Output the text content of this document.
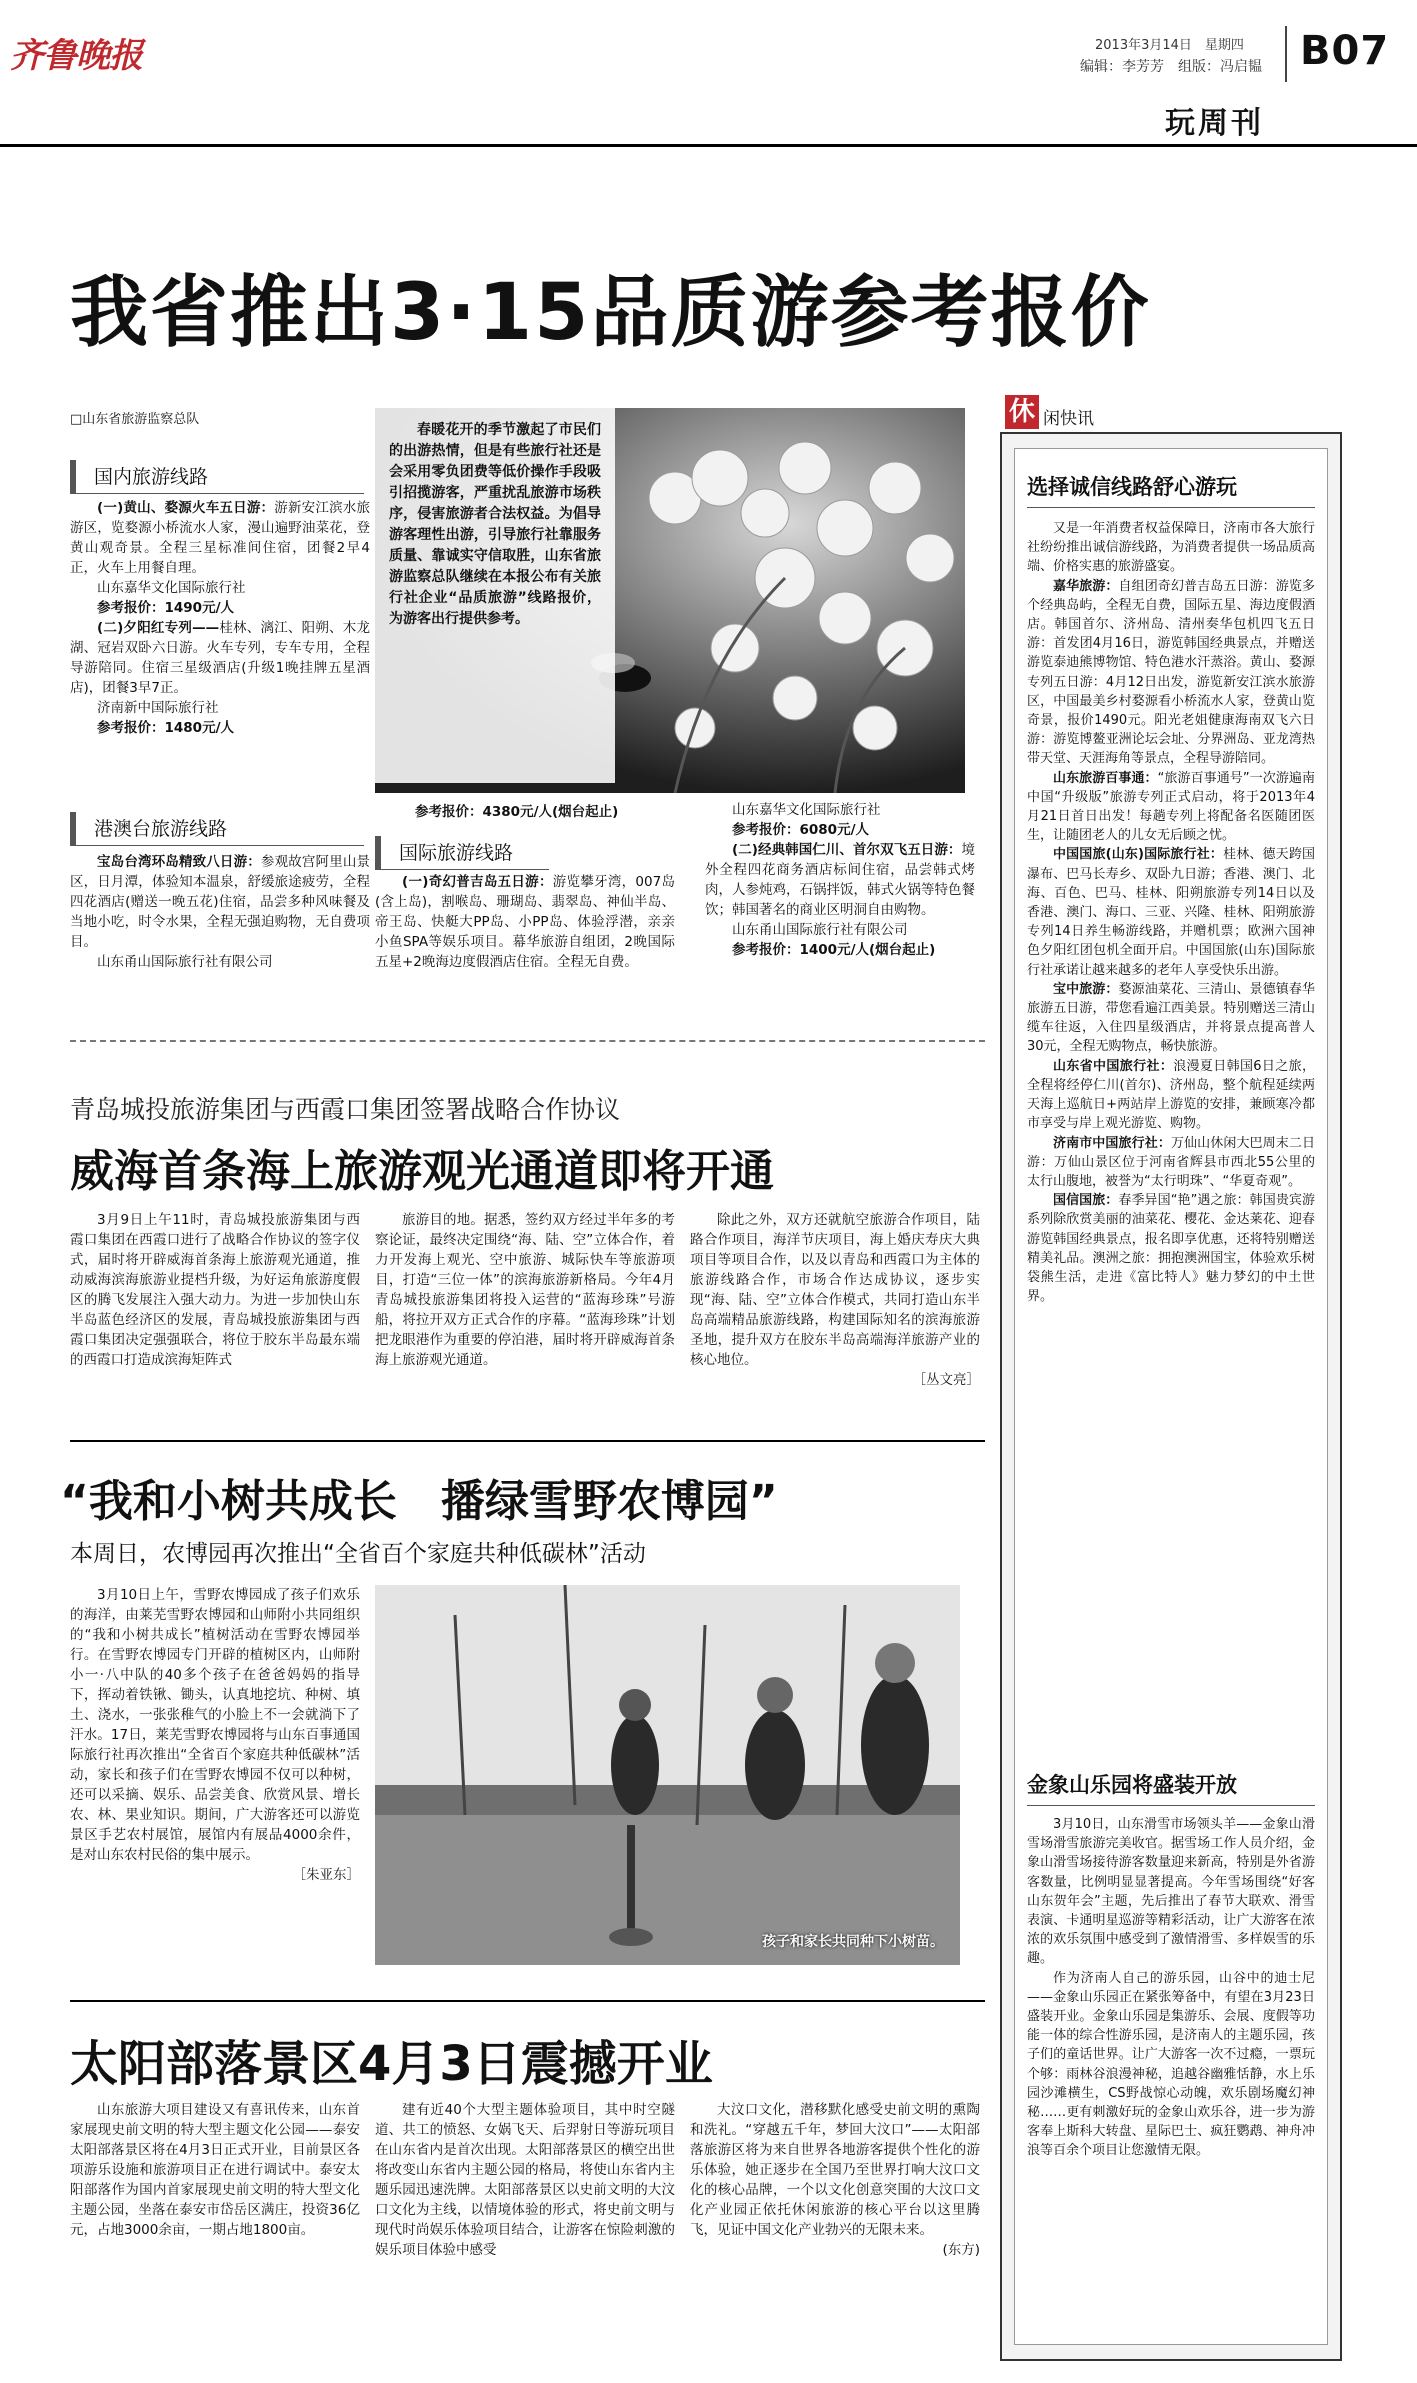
齐鲁晚报	2013年3月14日　星期四
编辑：李芳芳　组版：冯启韫 B07
玩周刊
我省推出3·15品质游参考报价
□山东省旅游监察总队
国内旅游线路

(一)黄山、婺源火车五日游：游新安江滨水旅游区，览婺源小桥流水人家，漫山遍野油菜花，登黄山观奇景。全程三星标准间住宿，团餐2早4正，火车上用餐自理。

山东嘉华文化国际旅行社

参考报价：1490元/人

(二)夕阳红专列——桂林、漓江、阳朔、木龙湖、冠岩双卧六日游。火车专列，专车专用，全程导游陪同。住宿三星级酒店(升级1晚挂牌五星酒店)，团餐3早7正。

济南新中国际旅行社

参考报价：1480元/人

港澳台旅游线路

宝岛台湾环岛精致八日游：参观故宫阿里山景区，日月潭，体验知本温泉，舒缓旅途疲劳，全程四花酒店(赠送一晚五花)住宿，品尝多种风味餐及当地小吃，时令水果，全程无强迫购物，无自费项目。

山东甬山国际旅行社有限公司

春暖花开的季节激起了市民们的出游热情，但是有些旅行社还是会采用零负团费等低价操作手段吸引招揽游客，严重扰乱旅游市场秩序，侵害旅游者合法权益。为倡导游客理性出游，引导旅行社靠服务质量、靠诚实守信取胜，山东省旅游监察总队继续在本报公布有关旅行社企业“品质旅游”线路报价，为游客出行提供参考。

参考报价：4380元/人(烟台起止)
国际旅游线路

(一)奇幻普吉岛五日游：游览攀牙湾，007岛(含上岛)，割喉岛、珊瑚岛、翡翠岛、神仙半岛、帝王岛、快艇大PP岛、小PP岛、体验浮潜，亲亲小鱼SPA等娱乐项目。幕华旅游自组团，2晚国际五星+2晚海边度假酒店住宿。全程无自费。

山东嘉华文化国际旅行社

参考报价：6080元/人

(二)经典韩国仁川、首尔双飞五日游：境外全程四花商务酒店标间住宿，品尝韩式烤肉，人参炖鸡，石锅拌饭，韩式火锅等特色餐饮；韩国著名的商业区明洞自由购物。

山东甬山国际旅行社有限公司

参考报价：1400元/人(烟台起止)

青岛城投旅游集团与西霞口集团签署战略合作协议
威海首条海上旅游观光通道即将开通

3月9日上午11时，青岛城投旅游集团与西霞口集团在西霞口进行了战略合作协议的签字仪式，届时将开辟威海首条海上旅游观光通道，推动威海滨海旅游业提档升级，为好运角旅游度假区的腾飞发展注入强大动力。为进一步加快山东半岛蓝色经济区的发展，青岛城投旅游集团与西霞口集团决定强强联合，将位于胶东半岛最东端的西霞口打造成滨海矩阵式

旅游目的地。据悉，签约双方经过半年多的考察论证，最终决定围绕“海、陆、空”立体合作，着力开发海上观光、空中旅游、城际快车等旅游项目，打造“三位一体”的滨海旅游新格局。今年4月青岛城投旅游集团将投入运营的“蓝海珍珠”号游船，将拉开双方正式合作的序幕。“蓝海珍珠”计划把龙眼港作为重要的停泊港，届时将开辟威海首条海上旅游观光通道。

除此之外，双方还就航空旅游合作项目，陆路合作项目，海洋节庆项目，海上婚庆寿庆大典项目等项目合作，以及以青岛和西霞口为主体的旅游线路合作，市场合作达成协议，逐步实现“海、陆、空”立体合作模式，共同打造山东半岛高端精品旅游线路，构建国际知名的滨海旅游圣地，提升双方在胶东半岛高端海洋旅游产业的核心地位。

［丛文亮］

“我和小树共成长　播绿雪野农博园”
本周日，农博园再次推出“全省百个家庭共种低碳林”活动

3月10日上午，雪野农博园成了孩子们欢乐的海洋，由莱芜雪野农博园和山师附小共同组织的“我和小树共成长”植树活动在雪野农博园举行。在雪野农博园专门开辟的植树区内，山师附小一·八中队的40多个孩子在爸爸妈妈的指导下，挥动着铁锹、锄头，认真地挖坑、种树、填土、浇水，一张张稚气的小脸上不一会就淌下了汗水。17日，莱芜雪野农博园将与山东百事通国际旅行社再次推出“全省百个家庭共种低碳林”活动，家长和孩子们在雪野农博园不仅可以种树，还可以采摘、娱乐、品尝美食、欣赏风景、增长农、林、果业知识。期间，广大游客还可以游览景区手艺农村展馆，展馆内有展品4000余件，是对山东农村民俗的集中展示。

［朱亚东］

孩子和家长共同种下小树苗。
太阳部落景区4月3日震撼开业

山东旅游大项目建设又有喜讯传来，山东首家展现史前文明的特大型主题文化公园——泰安太阳部落景区将在4月3日正式开业，目前景区各项游乐设施和旅游项目正在进行调试中。泰安太阳部落作为国内首家展现史前文明的特大型文化主题公园，坐落在泰安市岱岳区满庄，投资36亿元，占地3000余亩，一期占地1800亩。

建有近40个大型主题体验项目，其中时空隧道、共工的愤怒、女娲飞天、后羿射日等游玩项目在山东省内是首次出现。太阳部落景区的横空出世将改变山东省内主题公园的格局，将使山东省内主题乐园迅速洗牌。太阳部落景区以史前文明的大汶口文化为主线，以情境体验的形式，将史前文明与现代时尚娱乐体验项目结合，让游客在惊险刺激的娱乐项目体验中感受

大汶口文化，潜移默化感受史前文明的熏陶和洗礼。“穿越五千年，梦回大汶口”——太阳部落旅游区将为来自世界各地游客提供个性化的游乐体验，她正逐步在全国乃至世界打响大汶口文化的核心品牌，一个以文化创意突围的大汶口文化产业园正依托休闲旅游的核心平台以这里腾飞，见证中国文化产业勃兴的无限未来。

(东方)

休 闲快讯
选择诚信线路舒心游玩

又是一年消费者权益保障日，济南市各大旅行社纷纷推出诚信游线路，为消费者提供一场品质高端、价格实惠的旅游盛宴。

嘉华旅游：自组团奇幻普吉岛五日游：游览多个经典岛屿，全程无自费，国际五星、海边度假酒店。韩国首尔、济州岛、清州奏华包机四飞五日游：首发团4月16日，游览韩国经典景点，并赠送游览泰迪熊博物馆、特色港水汗蒸浴。黄山、婺源专列五日游：4月12日出发，游览新安江滨水旅游区，中国最美乡村婺源看小桥流水人家，登黄山览奇景，报价1490元。阳光老姐健康海南双飞六日游：游览博鳌亚洲论坛会址、分界洲岛、亚龙湾热带天堂、天涯海角等景点，全程导游陪同。

山东旅游百事通：“旅游百事通号”一次游遍南中国“升级版”旅游专列正式启动，将于2013年4月21日首日出发！每趟专列上将配备名医随团医生，让随团老人的儿女无后顾之忧。

中国国旅(山东)国际旅行社：桂林、德天跨国瀑布、巴马长寿乡、双卧九日游；香港、澳门、北海、百色、巴马、桂林、阳朔旅游专列14日以及香港、澳门、海口、三亚、兴隆、桂林、阳朔旅游专列14日养生畅游线路，并赠机票；欧洲六国神色夕阳红团包机全面开启。中国国旅(山东)国际旅行社承诺让越来越多的老年人享受快乐出游。

宝中旅游：婺源油菜花、三清山、景德镇春华旅游五日游，带您看遍江西美景。特别赠送三清山缆车往返，入住四星级酒店，并将景点提高普人30元，全程无购物点，畅快旅游。

山东省中国旅行社：浪漫夏日韩国6日之旅，全程将经停仁川(首尔)、济州岛，整个航程延续两天海上巡航日+两站岸上游览的安排，兼顾寒冷都市享受与岸上观光游览、购物。

济南市中国旅行社：万仙山休闲大巴周末二日游：万仙山景区位于河南省辉县市西北55公里的太行山腹地，被誉为“太行明珠”、“华夏奇观”。

国信国旅：春季异国“艳”遇之旅：韩国贵宾游系列除欣赏美丽的油菜花、樱花、金达莱花、迎春游览韩国经典景点，报名即享优惠，还将特别赠送精美礼品。澳洲之旅：拥抱澳洲国宝，体验欢乐树袋熊生活，走进《富比特人》魅力梦幻的中土世界。

金象山乐园将盛装开放

3月10日，山东滑雪市场领头羊——金象山滑雪场滑雪旅游完美收官。据雪场工作人员介绍，金象山滑雪场接待游客数量迎来新高，特别是外省游客数量，比例明显显著提高。今年雪场围绕“好客山东贺年会”主题，先后推出了春节大联欢、滑雪表演、卡通明星巡游等精彩活动，让广大游客在浓浓的欢乐氛围中感受到了激情滑雪、多样娱雪的乐趣。

作为济南人自己的游乐园，山谷中的迪士尼——金象山乐园正在紧张筹备中，有望在3月23日盛装开业。金象山乐园是集游乐、会展、度假等功能一体的综合性游乐园，是济南人的主题乐园，孩子们的童话世界。让广大游客一次不过瘾，一票玩个够：雨林谷浪漫神秘，追越谷幽雅恬静，水上乐园沙滩横生，CS野战惊心动魄，欢乐剧场魔幻神秘……更有刺激好玩的金象山欢乐谷，进一步为游客奉上斯科大转盘、星际巴士、疯狂鹦鹉、神舟冲浪等百余个项目让您激情无限。
